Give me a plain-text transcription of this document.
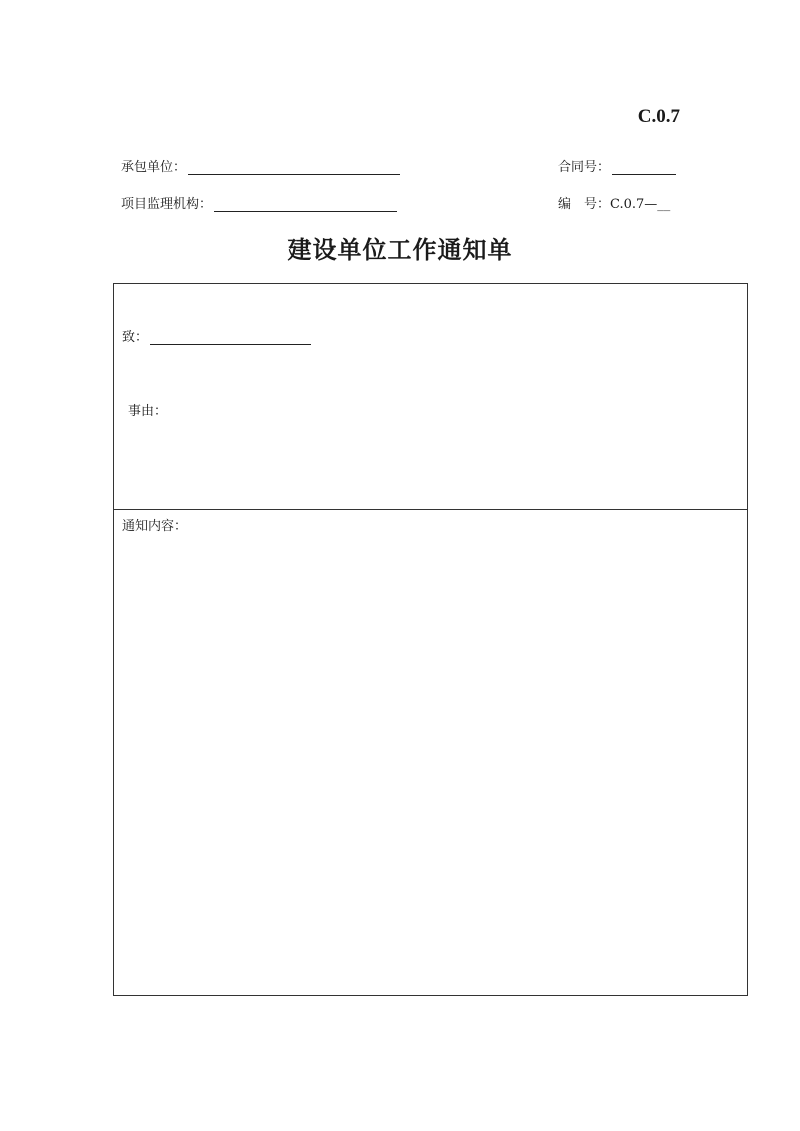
C.0.7
承包单位：	合同号：
项目监理机构：	编　号：C.0.7—__
建设单位工作通知单
致：
事由：
通知内容：
